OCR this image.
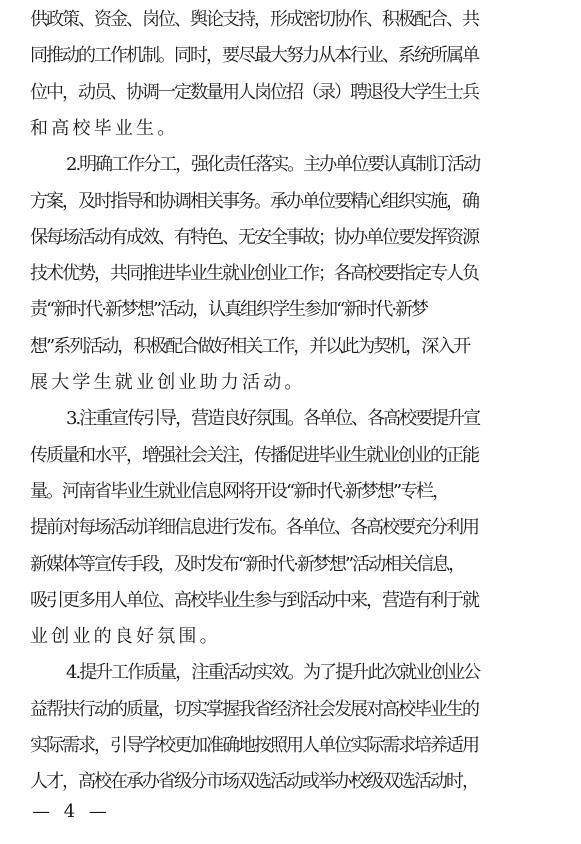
供政策、资金、岗位、舆论支持，形成密切协作、积极配合、共
同推动的工作机制。同时，要尽最大努力从本行业、系统所属单
位中，动员、协调一定数量用人岗位招（录）聘退役大学生士兵
和高校毕业生。
2.明确工作分工，强化责任落实。主办单位要认真制订活动
方案，及时指导和协调相关事务。承办单位要精心组织实施，确
保每场活动有成效、有特色、无安全事故；协办单位要发挥资源
技术优势，共同推进毕业生就业创业工作；各高校要指定专人负
责“新时代·新梦想”活动，认真组织学生参加“新时代·新梦
想”系列活动，积极配合做好相关工作，并以此为契机，深入开
展大学生就业创业助力活动。
3.注重宣传引导，营造良好氛围。各单位、各高校要提升宣
传质量和水平，增强社会关注，传播促进毕业生就业创业的正能
量。河南省毕业生就业信息网将开设“新时代·新梦想”专栏，
提前对每场活动详细信息进行发布。各单位、各高校要充分利用
新媒体等宣传手段，及时发布“新时代·新梦想”活动相关信息，
吸引更多用人单位、高校毕业生参与到活动中来，营造有利于就
业创业的良好氛围。
4.提升工作质量，注重活动实效。为了提升此次就业创业公
益帮扶行动的质量，切实掌握我省经济社会发展对高校毕业生的
实际需求，引导学校更加准确地按照用人单位实际需求培养适用
人才，高校在承办省级分市场双选活动或举办校级双选活动时，
— 4 —
